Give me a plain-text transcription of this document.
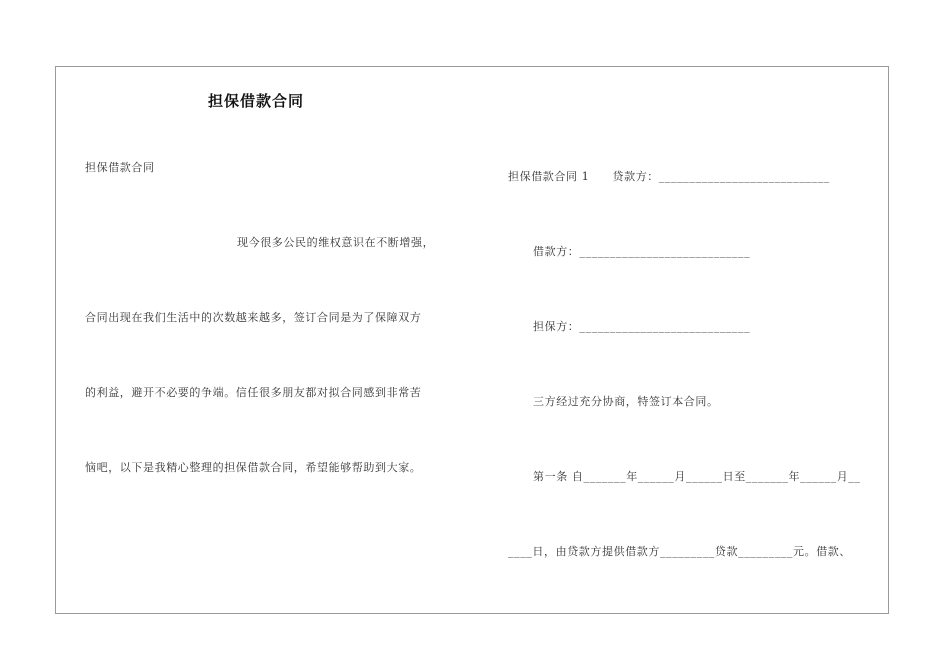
担保借款合同
担保借款合同
现今很多公民的维权意识在不断增强，
合同出现在我们生活中的次数越来越多，签订合同是为了保障双方
的利益，避开不必要的争端。信任很多朋友都对拟合同感到非常苦
恼吧，以下是我精心整理的担保借款合同，希望能够帮助到大家。
担保借款合同 1　　贷款方：____________________________
借款方：____________________________
担保方：____________________________
三方经过充分协商，特签订本合同。
第一条 自_______年______月______日至_______年______月__
____日，由贷款方提供借款方_________贷款_________元。借款、
